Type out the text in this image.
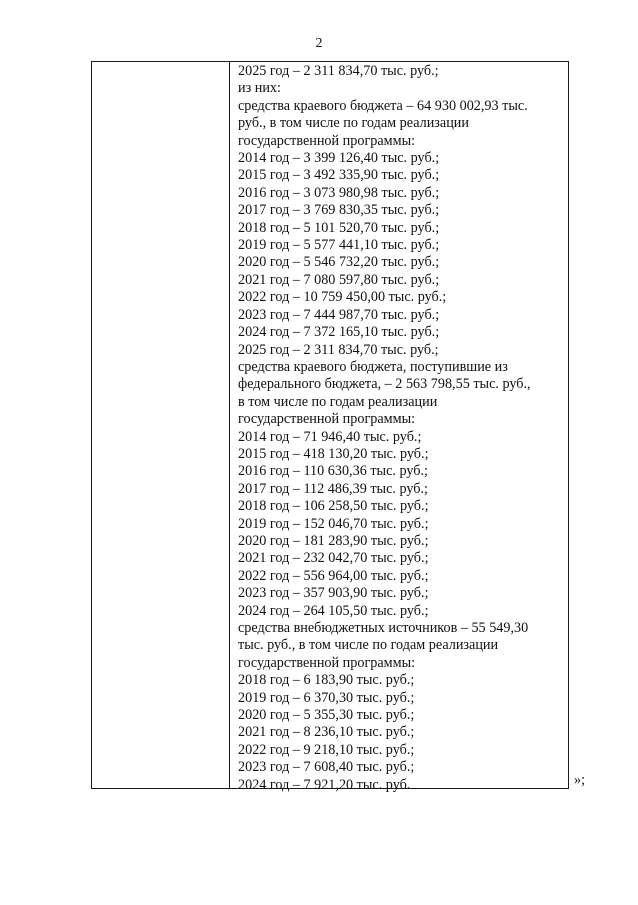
2
2025 год – 2 311 834,70 тыс. руб.;
из них:
средства краевого бюджета – 64 930 002,93 тыс.
руб., в том числе по годам реализации
государственной программы:
2014 год – 3 399 126,40 тыс. руб.;
2015 год – 3 492 335,90 тыс. руб.;
2016 год – 3 073 980,98 тыс. руб.;
2017 год – 3 769 830,35 тыс. руб.;
2018 год – 5 101 520,70 тыс. руб.;
2019 год – 5 577 441,10 тыс. руб.;
2020 год – 5 546 732,20 тыс. руб.;
2021 год – 7 080 597,80 тыс. руб.;
2022 год – 10 759 450,00 тыс. руб.;
2023 год – 7 444 987,70 тыс. руб.;
2024 год – 7 372 165,10 тыс. руб.;
2025 год – 2 311 834,70 тыс. руб.;
средства краевого бюджета, поступившие из
федерального бюджета, – 2 563 798,55 тыс. руб.,
в том числе по годам реализации
государственной программы:
2014 год – 71 946,40 тыс. руб.;
2015 год – 418 130,20 тыс. руб.;
2016 год – 110 630,36 тыс. руб.;
2017 год – 112 486,39 тыс. руб.;
2018 год – 106 258,50 тыс. руб.;
2019 год – 152 046,70 тыс. руб.;
2020 год – 181 283,90 тыс. руб.;
2021 год – 232 042,70 тыс. руб.;
2022 год – 556 964,00 тыс. руб.;
2023 год – 357 903,90 тыс. руб.;
2024 год – 264 105,50 тыс. руб.;
средства внебюджетных источников – 55 549,30
тыс. руб., в том числе по годам реализации
государственной программы:
2018 год – 6 183,90 тыс. руб.;
2019 год – 6 370,30 тыс. руб.;
2020 год – 5 355,30 тыс. руб.;
2021 год – 8 236,10 тыс. руб.;
2022 год – 9 218,10 тыс. руб.;
2023 год – 7 608,40 тыс. руб.;
2024 год – 7 921,20 тыс. руб.	»;
